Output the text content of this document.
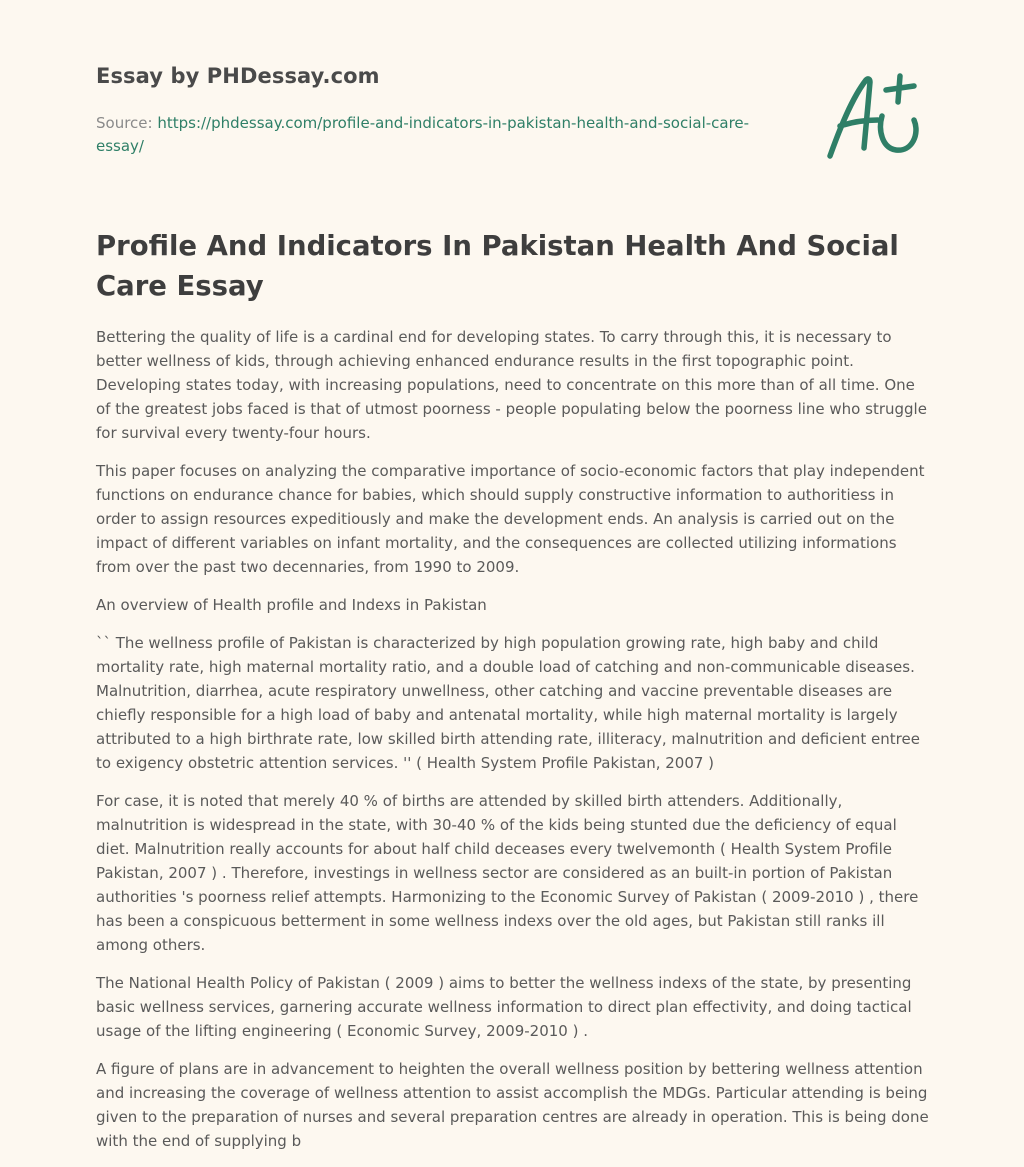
Essay by PHDessay.com
Source: https://phdessay.com/profile-and-indicators-in-pakistan-health-and-social-care-essay/
Profile And Indicators In Pakistan Health And Social Care Essay

Bettering the quality of life is a cardinal end for developing states. To carry through this, it is necessary to better wellness of kids, through achieving enhanced endurance results in the first topographic point. Developing states today, with increasing populations, need to concentrate on this more than of all time. One of the greatest jobs faced is that of utmost poorness - people populating below the poorness line who struggle for survival every twenty-four hours.

This paper focuses on analyzing the comparative importance of socio-economic factors that play independent functions on endurance chance for babies, which should supply constructive information to authoritiess in order to assign resources expeditiously and make the development ends. An analysis is carried out on the impact of different variables on infant mortality, and the consequences are collected utilizing informations from over the past two decennaries, from 1990 to 2009.

An overview of Health profile and Indexs in Pakistan

`` The wellness profile of Pakistan is characterized by high population growing rate, high baby and child mortality rate, high maternal mortality ratio, and a double load of catching and non-communicable diseases. Malnutrition, diarrhea, acute respiratory unwellness, other catching and vaccine preventable diseases are chiefly responsible for a high load of baby and antenatal mortality, while high maternal mortality is largely attributed to a high birthrate rate, low skilled birth attending rate, illiteracy, malnutrition and deficient entree to exigency obstetric attention services. '' ( Health System Profile Pakistan, 2007 )

For case, it is noted that merely 40 % of births are attended by skilled birth attenders. Additionally, malnutrition is widespread in the state, with 30-40 % of the kids being stunted due the deficiency of equal diet. Malnutrition really accounts for about half child deceases every twelvemonth ( Health System Profile Pakistan, 2007 ) . Therefore, investings in wellness sector are considered as an built-in portion of Pakistan authorities 's poorness relief attempts. Harmonizing to the Economic Survey of Pakistan ( 2009-2010 ) , there has been a conspicuous betterment in some wellness indexs over the old ages, but Pakistan still ranks ill among others.

The National Health Policy of Pakistan ( 2009 ) aims to better the wellness indexs of the state, by presenting basic wellness services, garnering accurate wellness information to direct plan effectivity, and doing tactical usage of the lifting engineering ( Economic Survey, 2009-2010 ) .

A figure of plans are in advancement to heighten the overall wellness position by bettering wellness attention and increasing the coverage of wellness attention to assist accomplish the MDGs. Particular attending is being given to the preparation of nurses and several preparation centres are already in operation. This is being done with the end of supplying b
